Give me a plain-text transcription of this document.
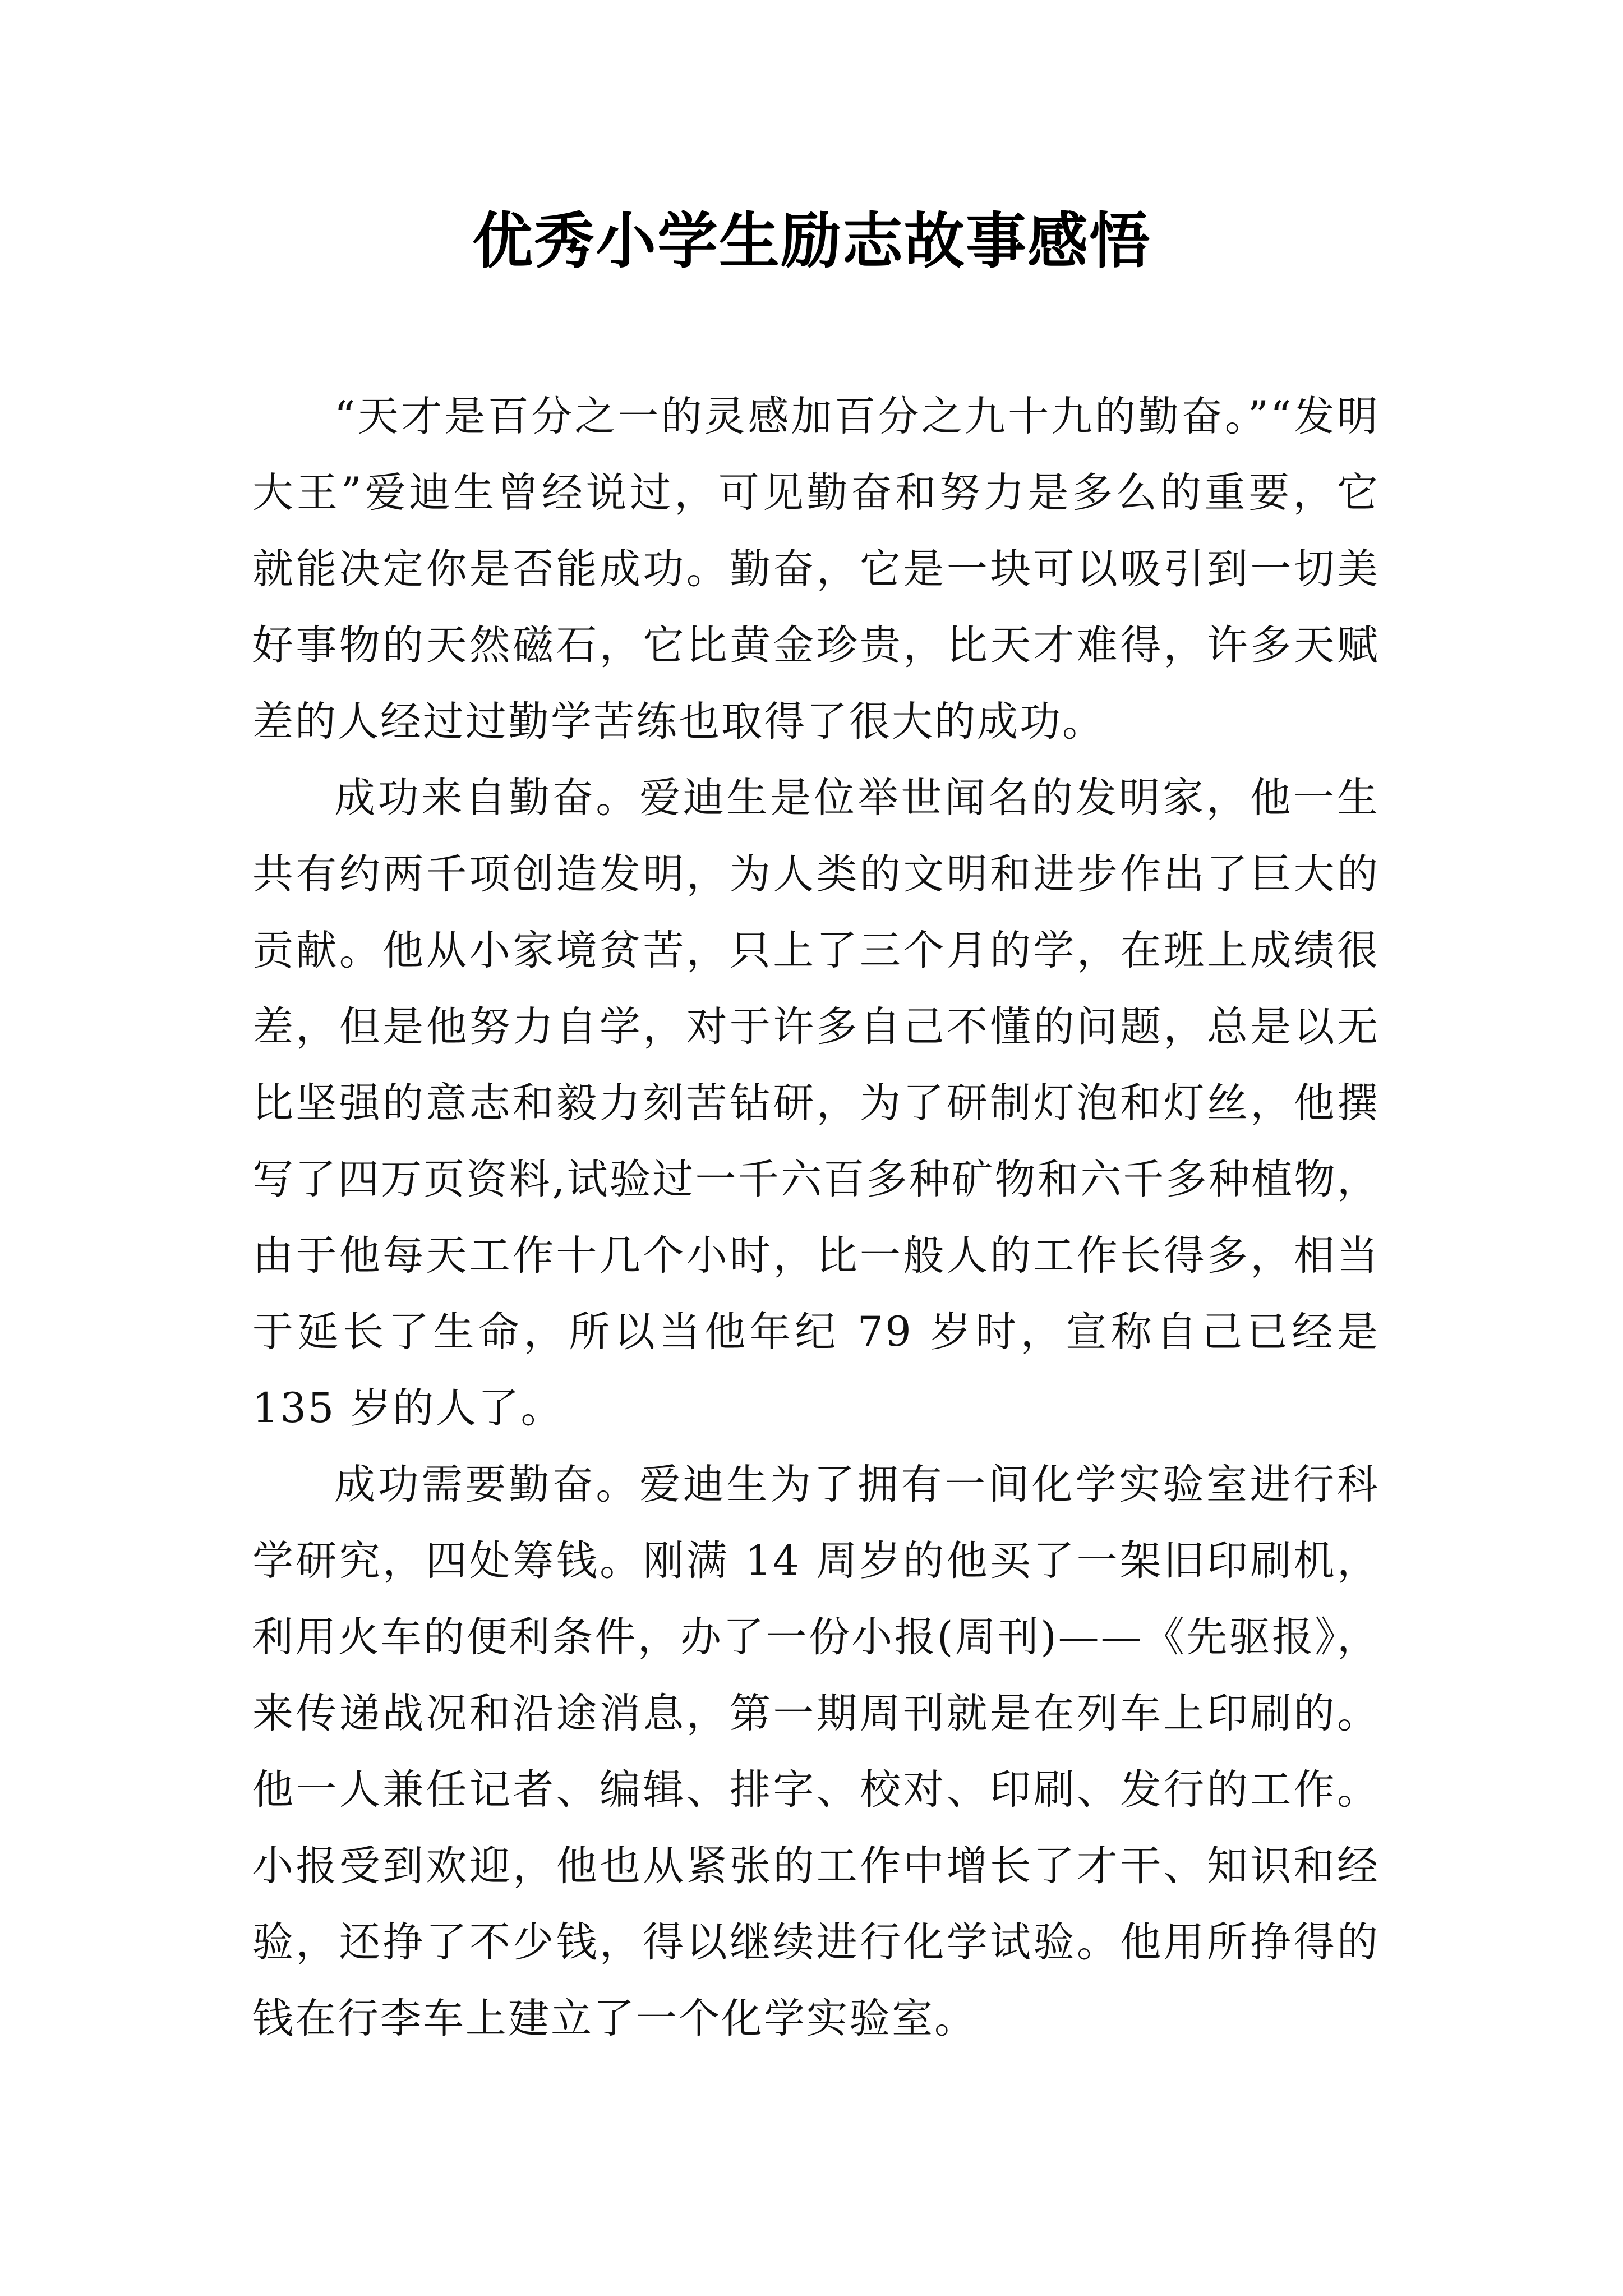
优秀小学生励志故事感悟

“天才是百分之一的灵感加百分之九十九的勤奋。”“发明大王”爱迪生曾经说过，可见勤奋和努力是多么的重要，它就能决定你是否能成功。勤奋，它是一块可以吸引到一切美好事物的天然磁石，它比黄金珍贵，比天才难得，许多天赋差的人经过过勤学苦练也取得了很大的成功。

成功来自勤奋。爱迪生是位举世闻名的发明家，他一生共有约两千项创造发明，为人类的文明和进步作出了巨大的贡献。他从小家境贫苦，只上了三个月的学，在班上成绩很差，但是他努力自学，对于许多自己不懂的问题，总是以无比坚强的意志和毅力刻苦钻研，为了研制灯泡和灯丝，他撰写了四万页资料,试验过一千六百多种矿物和六千多种植物，由于他每天工作十几个小时，比一般人的工作长得多，相当于延长了生命，所以当他年纪 79 岁时，宣称自己已经是 135 岁的人了。

成功需要勤奋。爱迪生为了拥有一间化学实验室进行科学研究，四处筹钱。刚满 14 周岁的他买了一架旧印刷机，利用火车的便利条件，办了一份小报(周刊)——《先驱报》，来传递战况和沿途消息，第一期周刊就是在列车上印刷的。他一人兼任记者、编辑、排字、校对、印刷、发行的工作。小报受到欢迎，他也从紧张的工作中增长了才干、知识和经验，还挣了不少钱，得以继续进行化学试验。他用所挣得的钱在行李车上建立了一个化学实验室。
